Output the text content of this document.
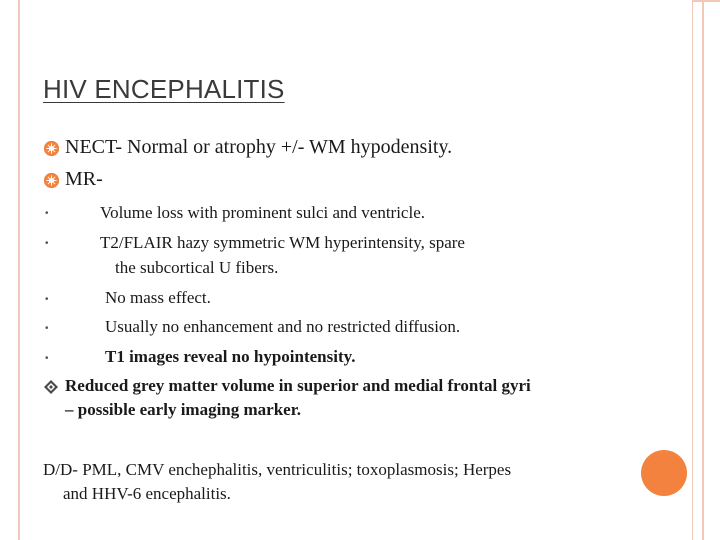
HIV ENCEPHALITIS
NECT- Normal or atrophy +/- WM hypodensity.
MR-
•	Volume loss with prominent sulci and ventricle.
•	T2/FLAIR hazy symmetric WM hyperintensity, spare
the subcortical U fibers.
•	No mass effect.
•	Usually no enhancement and no restricted diffusion.
•	T1 images reveal no hypointensity.
Reduced grey matter volume in superior and medial frontal gyri
– possible early imaging marker.
D/D- PML, CMV enchephalitis, ventriculitis; toxoplasmosis; Herpes
and HHV-6 encephalitis.
